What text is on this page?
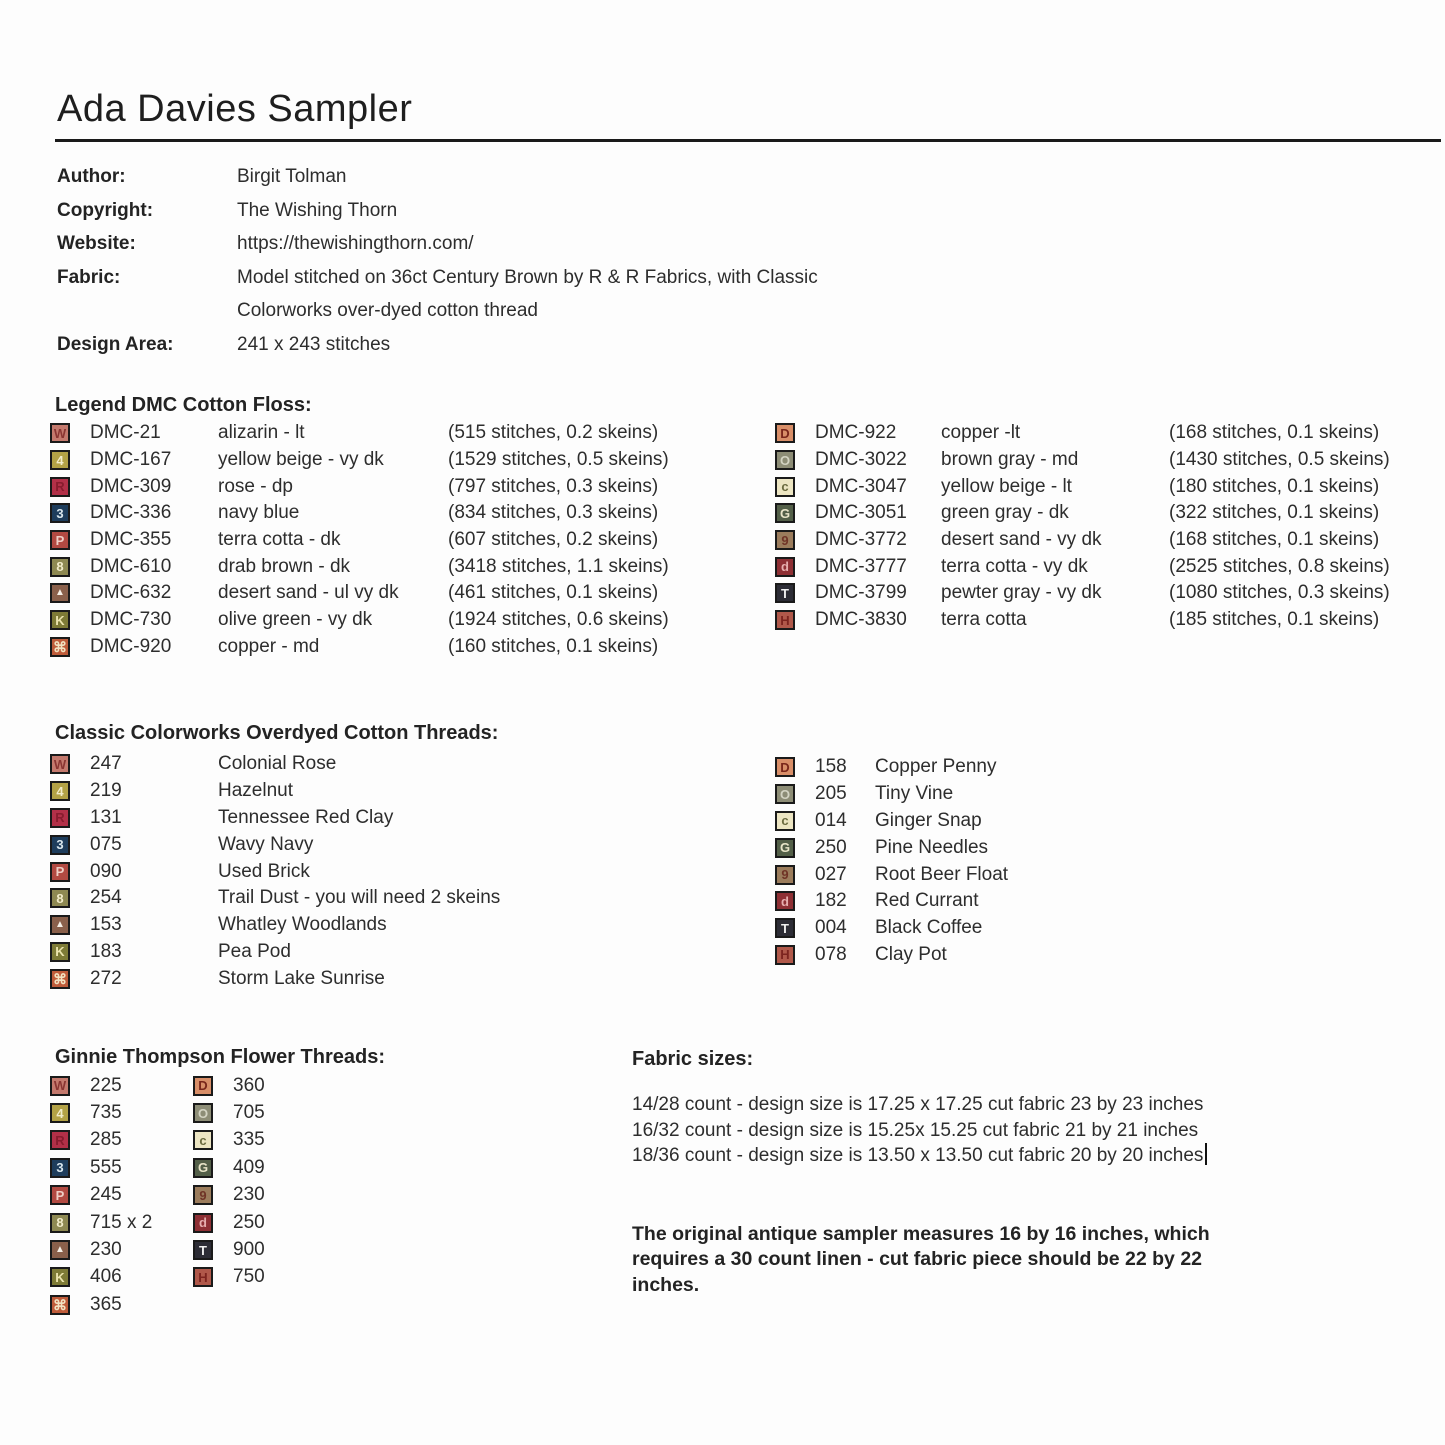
Ada Davies Sampler
Author:	Birgit Tolman
Copyright:	The Wishing Thorn
Website:	https://thewishingthorn.com/
Fabric:	Model stitched on 36ct Century Brown by R & R Fabrics, with Classic
Colorworks over-dyed cotton thread
Design Area:	241 x 243 stitches
Legend DMC Cotton Floss:
W DMC-21	alizarin - lt	(515 stitches, 0.2 skeins)
4	DMC-167	yellow beige - vy dk	(1529 stitches, 0.5 skeins)
R DMC-309	rose - dp	(797 stitches, 0.3 skeins)
3	DMC-336	navy blue	(834 stitches, 0.3 skeins)
P DMC-355	terra cotta - dk	(607 stitches, 0.2 skeins)
8	DMC-610	drab brown - dk	(3418 stitches, 1.1 skeins)
▲ DMC-632	desert sand - ul vy dk	(461 stitches, 0.1 skeins)
K DMC-730	olive green - vy dk	(1924 stitches, 0.6 skeins)
⌘ DMC-920	copper - md	(160 stitches, 0.1 skeins)
D DMC-922	copper -lt	(168 stitches, 0.1 skeins)
O DMC-3022	brown gray - md	(1430 stitches, 0.5 skeins)
c	DMC-3047	yellow beige - lt	(180 stitches, 0.1 skeins)
G DMC-3051	green gray - dk	(322 stitches, 0.1 skeins)
9	DMC-3772	desert sand - vy dk	(168 stitches, 0.1 skeins)
d	DMC-3777	terra cotta - vy dk	(2525 stitches, 0.8 skeins)
T	DMC-3799	pewter gray - vy dk	(1080 stitches, 0.3 skeins)
H DMC-3830	terra cotta	(185 stitches, 0.1 skeins)
Classic Colorworks Overdyed Cotton Threads:
W 247	Colonial Rose
4	219	Hazelnut
R 131	Tennessee Red Clay
3	075	Wavy Navy
P 090	Used Brick
8	254	Trail Dust - you will need 2 skeins
▲ 153	Whatley Woodlands
K 183	Pea Pod
⌘ 272	Storm Lake Sunrise
D 158	Copper Penny
O 205	Tiny Vine
c	014	Ginger Snap
G 250	Pine Needles
9	027	Root Beer Float
d	182	Red Currant
T	004	Black Coffee
H 078	Clay Pot
Ginnie Thompson Flower Threads:
W 225
4	735
R 285
3	555
P 245
8	715 x 2
▲ 230
K 406
⌘ 365
D 360
O 705
c	335
G 409
9	230
d	250
T	900
H 750
Fabric sizes:
14/28 count - design size is 17.25 x 17.25 cut fabric 23 by 23 inches
16/32 count - design size is 15.25x 15.25 cut fabric 21 by 21 inches
18/36 count - design size is 13.50 x 13.50 cut fabric 20 by 20 inches
The original antique sampler measures 16 by 16 inches, which
requires a 30 count linen - cut fabric piece should be 22 by 22
inches.
